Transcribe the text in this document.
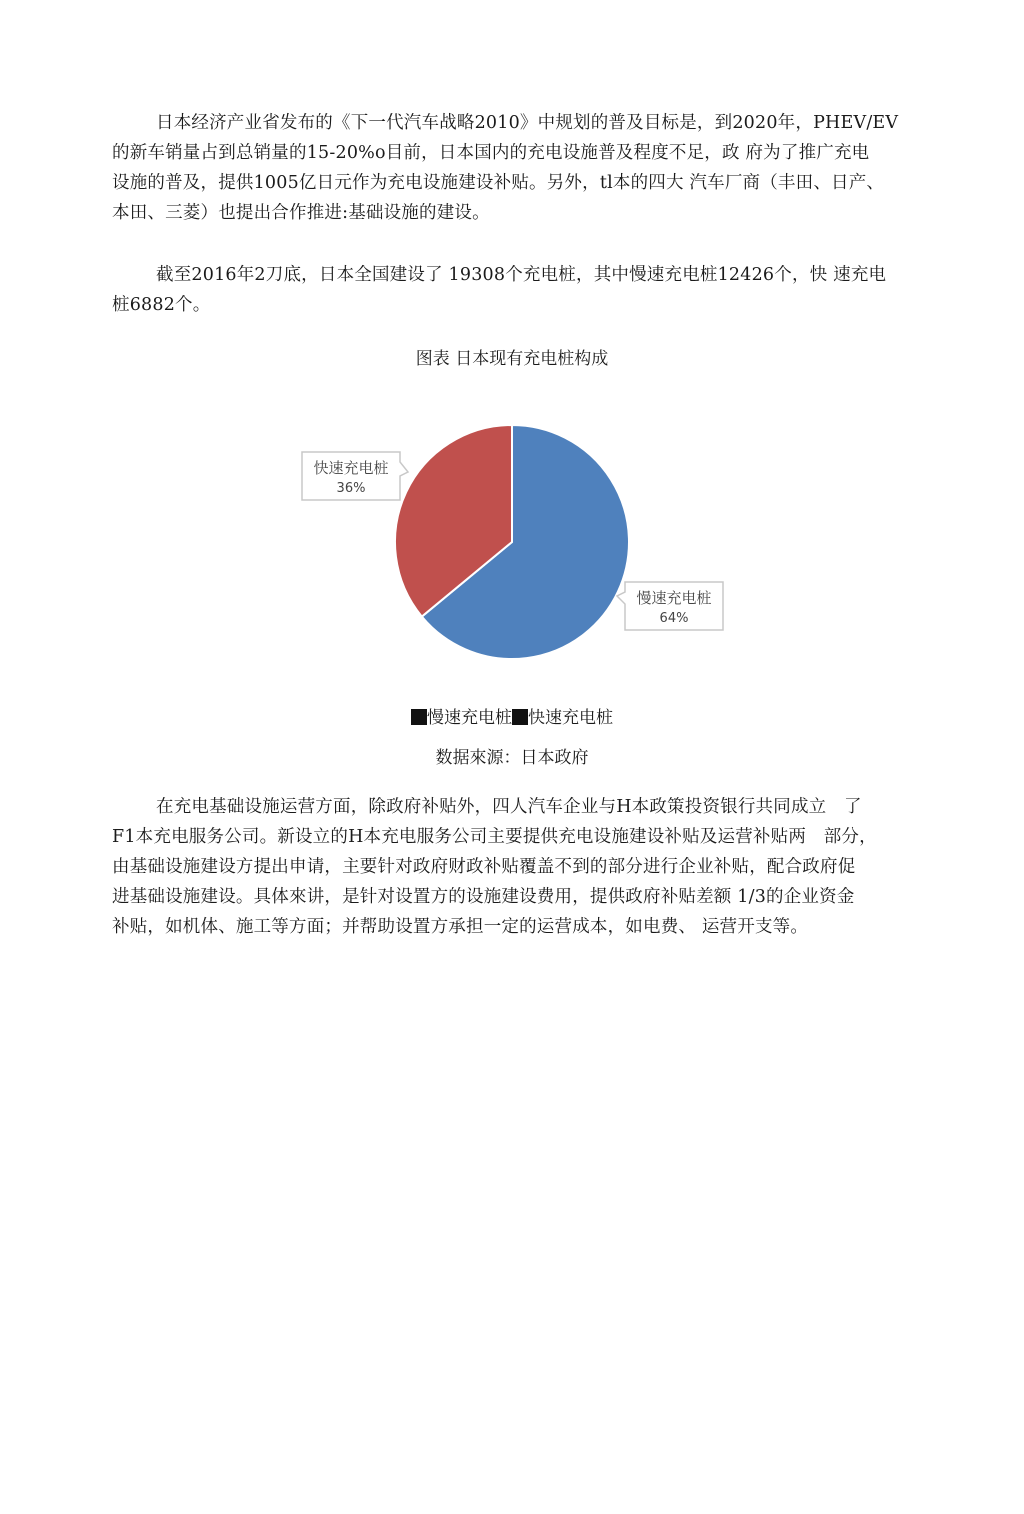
日本经济产业省发布的《下一代汽车战略2010》中规划的普及目标是，到2020年，PHEV/EV
的新车销量占到总销量的15-20%o目前，日本国内的充电设施普及程度不足，政 府为了推广充电
设施的普及，提供1005亿日元作为充电设施建设补贴。另外，tl本的四大 汽车厂商（丰田、日产、
本田、三菱）也提出合作推进:基础设施的建设。
截至2016年2刀底，日本全国建设了 19308个充电桩，其中慢速充电桩12426个，快 速充电
桩6882个。
图表 日本现有充电桩构成
慢速充电桩
64%
快速充电桩
36%
慢速充电桩 快速充电桩
数据來源：日本政府
在充电基础设施运营方面，除政府补贴外，四人汽车企业与H本政策投资银行共同成立　了
F1本充电服务公司。新设立的H本充电服务公司主要提供充电设施建设补贴及运营补贴两　部分，
由基础设施建设方提出申请，主要针对政府财政补贴覆盖不到的部分进行企业补贴，配合政府促
进基础设施建设。具体來讲，是针对设置方的设施建设费用，提供政府补贴差额 1/3的企业资金
补贴，如机体、施工等方面；并帮助设置方承担一定的运营成本，如电费、 运营开支等。
